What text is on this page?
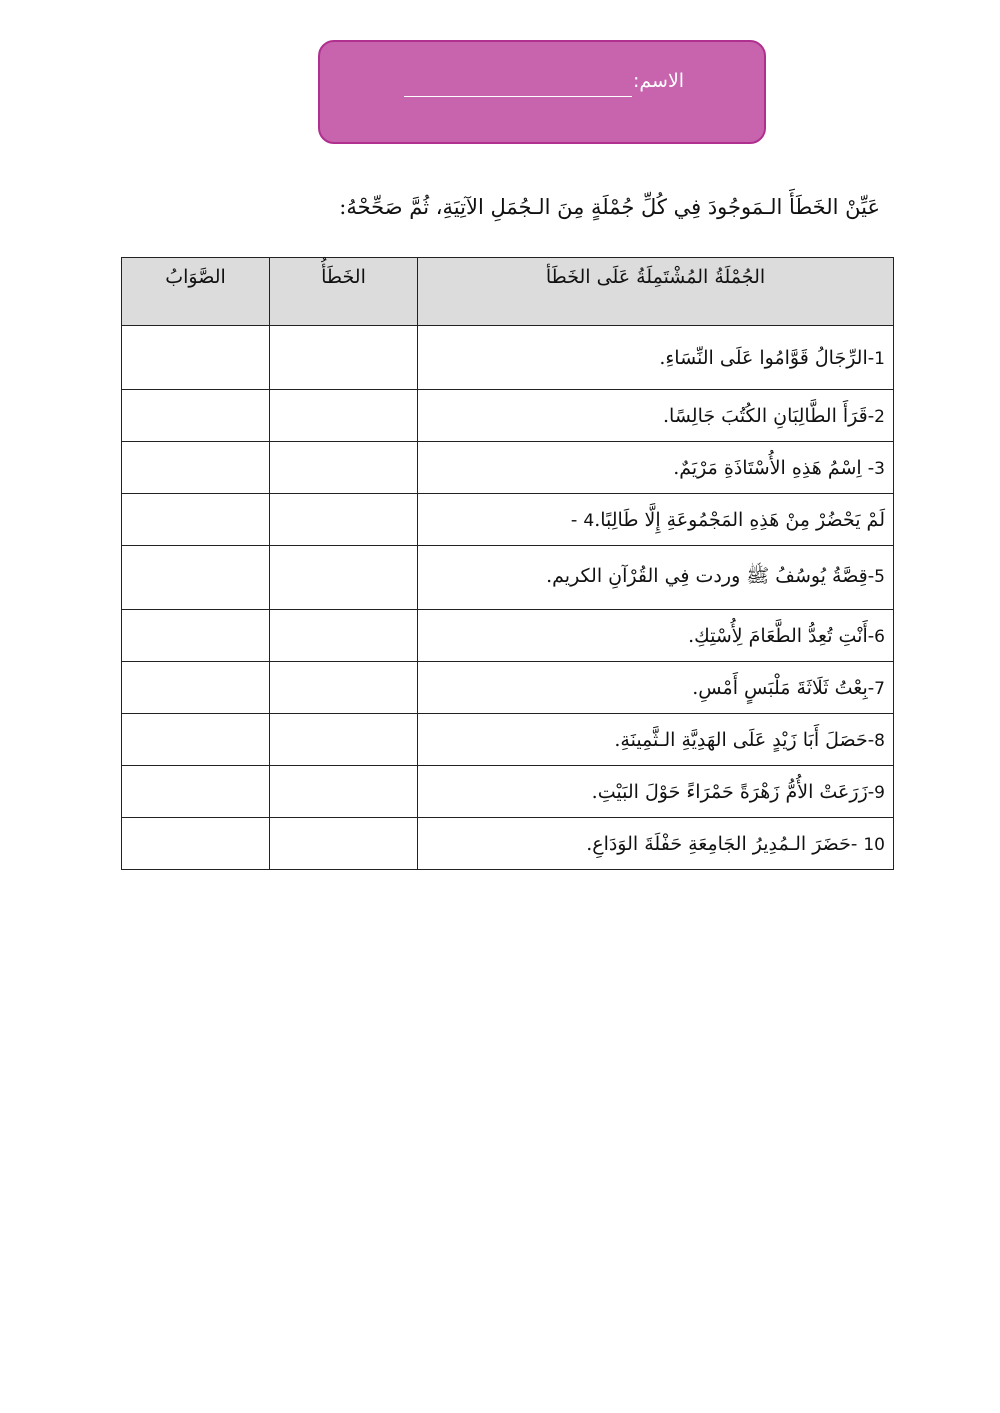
الاسم:
عَيِّنْ الخَطَأَ الـمَوجُودَ فِي كُلِّ جُمْلَةٍ مِنَ الـجُمَلِ الآتِيَةِ، ثُمَّ صَحِّحْهُ:
الجُمْلَةُ المُشْتَمِلَةُ عَلَى الخَطَأ	الخَطَأُ	الصَّوَابُ
1-الرِّجَالُ قَوَّامُوا عَلَى النِّسَاءِ.		
2-قَرَأَ الطَّالِبَانِ الكُتُبَ جَالِسًا.		
3- اِسْمُ هَذِهِ الأُسْتَاذَةِ مَرْيَمٌ.		
لَمْ يَحْضُرْ مِنْ هَذِهِ المَجْمُوعَةِ إِلَّا طَالِبًا.4 -		
5-قِصَّةُ يُوسُفُ ﷺ وردت فِي القُرْآنِ الكريم.		
6-أَنْتِ تُعِدُّ الطَّعَامَ لِأُسْتِكِ.		
7-بِعْتُ ثَلَاثَةَ مَلْبَسٍ أَمْسِ.		
8-حَصَلَ أَبَا زَيْدٍ عَلَى الهَدِيَّةِ الـثَّمِينَةِ.		
9-زَرَعَتْ الأُمُّ زَهْرَةً حَمْرَاءً حَوْلَ البَيْتِ.		
10 -حَضَرَ الـمُدِيرُ الجَامِعَةِ حَفْلَةَ الوَدَاعِ.		
